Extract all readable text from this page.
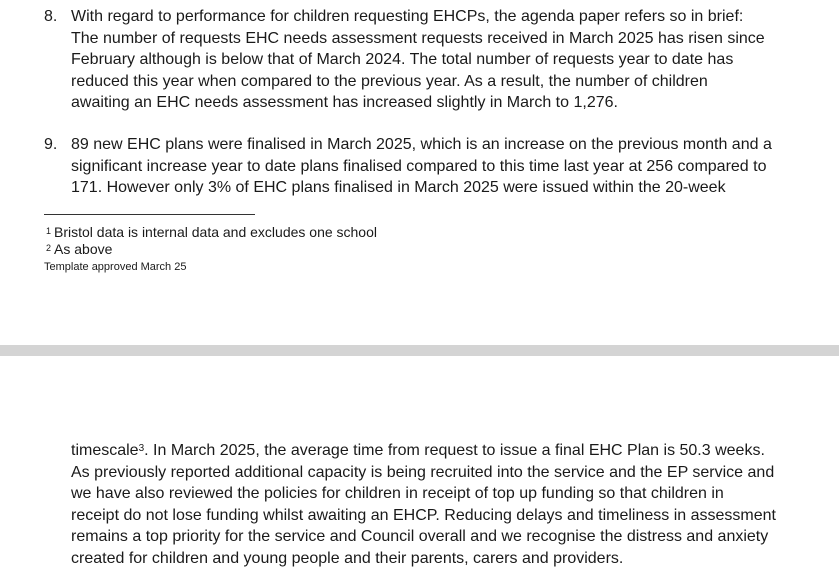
8. With regard to performance for children requesting EHCPs, the agenda paper refers so in brief:
The number of requests EHC needs assessment requests received in March 2025 has risen since
February although is below that of March 2024. The total number of requests year to date has
reduced this year when compared to the previous year. As a result, the number of children
awaiting an EHC needs assessment has increased slightly in March to 1,276.
9. 89 new EHC plans were finalised in March 2025, which is an increase on the previous month and a
significant increase year to date plans finalised compared to this time last year at 256 compared to
171. However only 3% of EHC plans finalised in March 2025 were issued within the 20-week
$^1$ Bristol data is internal data and excludes one school
$^2$ As above
Template approved March 25
timescale$^3$. In March 2025, the average time from request to issue a final EHC Plan is 50.3 weeks.
As previously reported additional capacity is being recruited into the service and the EP service and
we have also reviewed the policies for children in receipt of top up funding so that children in
receipt do not lose funding whilst awaiting an EHCP. Reducing delays and timeliness in assessment
remains a top priority for the service and Council overall and we recognise the distress and anxiety
created for children and young people and their parents, carers and providers.
